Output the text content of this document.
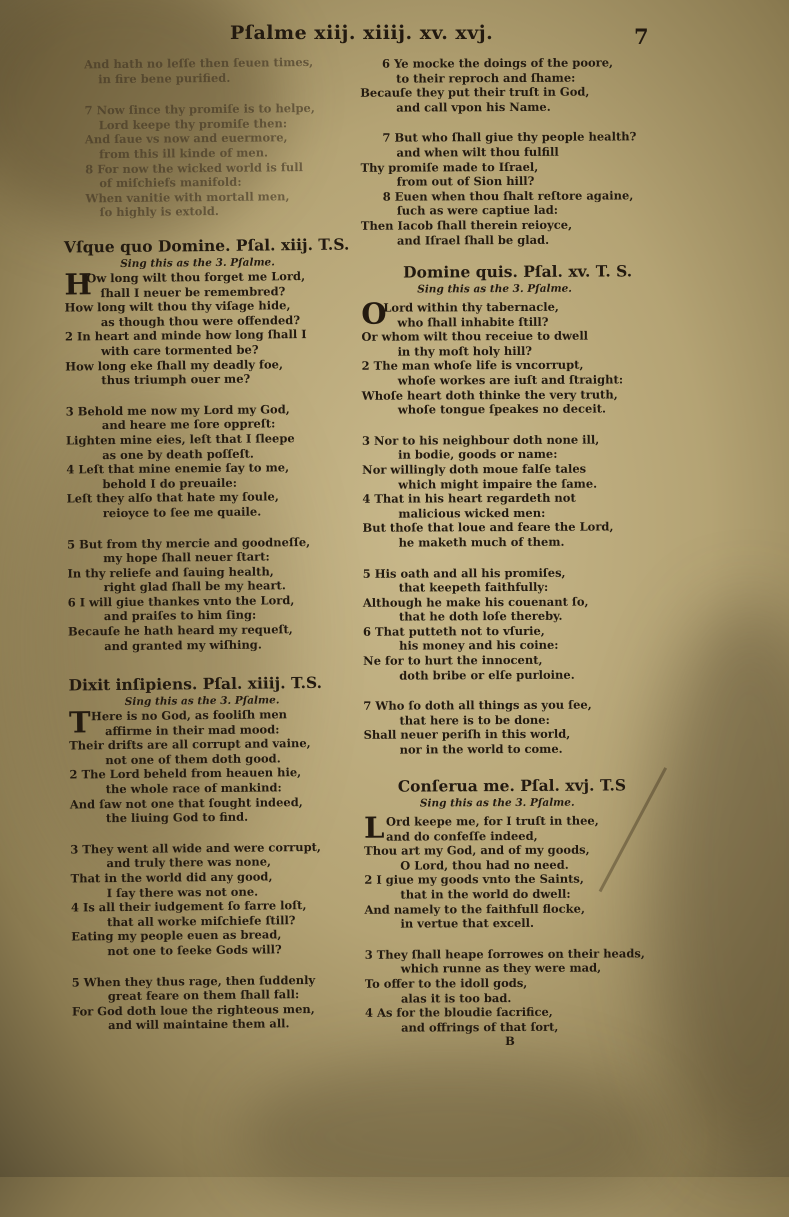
Pſalme xiij. xiiij. xv. xvj.	7
And hath no leſſe then ſeuen times,
in fire bene purified.
7 Now ſince thy promiſe is to helpe,
Lord keepe thy promiſe then:
And ſaue vs now and euermore,
from this ill kinde of men.
8 For now the wicked world is full
of miſchiefs manifold:
When vanitie with mortall men,
ſo highly is extold.
Vſque quo Domine. Pſal. xiij. T.S.
Sing this as the 3. Pſalme.
H
Ow long wilt thou forget me Lord,
ſhall I neuer be remembred?
How long wilt thou thy viſage hide,
as though thou were offended?
2 In heart and minde how long ſhall I
with care tormented be?
How long eke ſhall my deadly foe,
thus triumph ouer me?
3 Behold me now my Lord my God,
and heare me ſore oppreſt:
Lighten mine eies, leſt that I ſleepe
as one by death poſſeſt.
4 Leſt that mine enemie ſay to me,
behold I do preuaile:
Leſt they alſo that hate my ſoule,
reioyce to ſee me quaile.
5 But from thy mercie and goodneſſe,
my hope ſhall neuer ſtart:
In thy reliefe and ſauing health,
right glad ſhall be my heart.
6 I will giue thankes vnto the Lord,
and praiſes to him ſing:
Becauſe he hath heard my requeſt,
and granted my wiſhing.
Dixit inſipiens. Pſal. xiiij. T.S.
Sing this as the 3. Pſalme.
T Here is no God, as fooliſh men
affirme in their mad mood:
Their drifts are all corrupt and vaine,
not one of them doth good.
2 The Lord beheld from heauen hie,
the whole race of mankind:
And ſaw not one that ſought indeed,
the liuing God to find.
3 They went all wide and were corrupt,
and truly there was none,
That in the world did any good,
I ſay there was not one.
4 Is all their iudgement ſo farre loſt,
that all worke miſchiefe ſtill?
Eating my people euen as bread,
not one to ſeeke Gods will?
5 When they thus rage, then ſuddenly
great feare on them ſhall fall:
For God doth loue the righteous men,
and will maintaine them all.
6 Ye mocke the doings of the poore,
to their reproch and ſhame:
Becauſe they put their truſt in God,
and call vpon his Name.
7 But who ſhall giue thy people health?
and when wilt thou fulfill
Thy promiſe made to Iſrael,
from out of Sion hill?
8 Euen when thou ſhalt reſtore againe,
ſuch as were captiue lad:
Then Iacob ſhall therein reioyce,
and Iſrael ſhall be glad.
Domine quis. Pſal. xv. T. S.
Sing this as the 3. Pſalme.
O
Lord within thy tabernacle,
who ſhall inhabite ſtill?
Or whom wilt thou receiue to dwell
in thy moſt holy hill?
2 The man whoſe life is vncorrupt,
whoſe workes are iuſt and ſtraight:
Whoſe heart doth thinke the very truth,
whoſe tongue ſpeakes no deceit.
3 Nor to his neighbour doth none ill,
in bodie, goods or name:
Nor willingly doth moue falſe tales
which might impaire the ſame.
4 That in his heart regardeth not
malicious wicked men:
But thoſe that loue and feare the Lord,
he maketh much of them.
5 His oath and all his promiſes,
that keepeth faithfully:
Although he make his couenant ſo,
that he doth loſe thereby.
6 That putteth not to vſurie,
his money and his coine:
Ne for to hurt the innocent,
doth bribe or elſe purloine.
7 Who ſo doth all things as you ſee,
that here is to be done:
Shall neuer periſh in this world,
nor in the world to come.
Conſerua me. Pſal. xvj. T.S
Sing this as the 3. Pſalme.
L Ord keepe me, for I truſt in thee,
and do confeſſe indeed,
Thou art my God, and of my goods,
O Lord, thou had no need.
2 I giue my goods vnto the Saints,
that in the world do dwell:
And namely to the faithfull flocke,
in vertue that excell.
3 They ſhall heape ſorrowes on their heads,
which runne as they were mad,
To offer to the idoll gods,
alas it is too bad.
4 As for the bloudie ſacrifice,
and offrings of that ſort,
B
